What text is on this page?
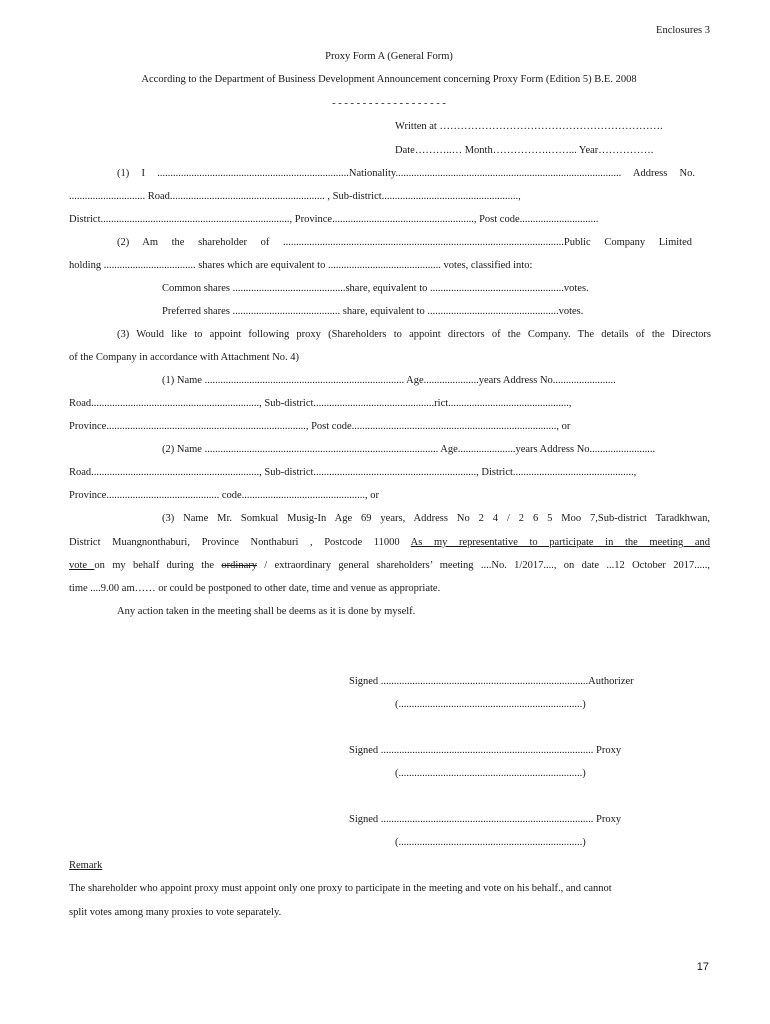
Enclosures 3
Proxy Form A (General Form)
According to the Department of Business Development Announcement concerning Proxy Form (Edition 5) B.E. 2008
- - - - - - - - - - - - - - - - - - -
Written at ……………………………………………………….
Date………..… Month…………….……... Year…………….
(1) I .........................................................................Nationality...................................................................................... Address No.
............................. Road........................................................... , Sub-district....................................................,
District........................................................................, Province......................................................, Post code..............................
(2) Am the shareholder of ...........................................................................................................Public Company Limited
holding ................................... shares which are equivalent to ........................................... votes, classified into:
Common shares ...........................................share, equivalent to ...................................................votes.
Preferred shares ......................................... share, equivalent to ..................................................votes.
(3) Would like to appoint following proxy (Shareholders to appoint directors of the Company. The details of the Directors
of the Company in accordance with Attachment No. 4)
(1) Name ............................................................................ Age.....................years Address No........................
Road................................................................, Sub-district..............................................rict..............................................,
Province............................................................................, Post code.............................................................................., or
(2) Name ......................................................................................... Age......................years Address No.........................
Road................................................................, Sub-district.............................................................., District..............................................,
Province........................................... code..............................................., or
(3) Name Mr. Somkual Musig-In Age 69 years, Address No 2 4 / 2 6 5 Moo 7,Sub-district Taradkhwan,
District Muangnonthaburi, Province Nonthaburi , Postcode 11000 As my representative to participate in the meeting and
vote on my behalf during the ordinary / extraordinary general shareholders’ meeting ....No. 1/2017...., on date ...12 October 2017.....,
time ....9.00 am…… or could be postponed to other date, time and venue as appropriate.
Any action taken in the meeting shall be deems as it is done by myself.
Signed ...............................................................................Authorizer
(......................................................................)
Signed ................................................................................. Proxy
(......................................................................)
Signed ................................................................................. Proxy
(......................................................................)
Remark
The shareholder who appoint proxy must appoint only one proxy to participate in the meeting and vote on his behalf., and cannot
split votes among many proxies to vote separately.
17
